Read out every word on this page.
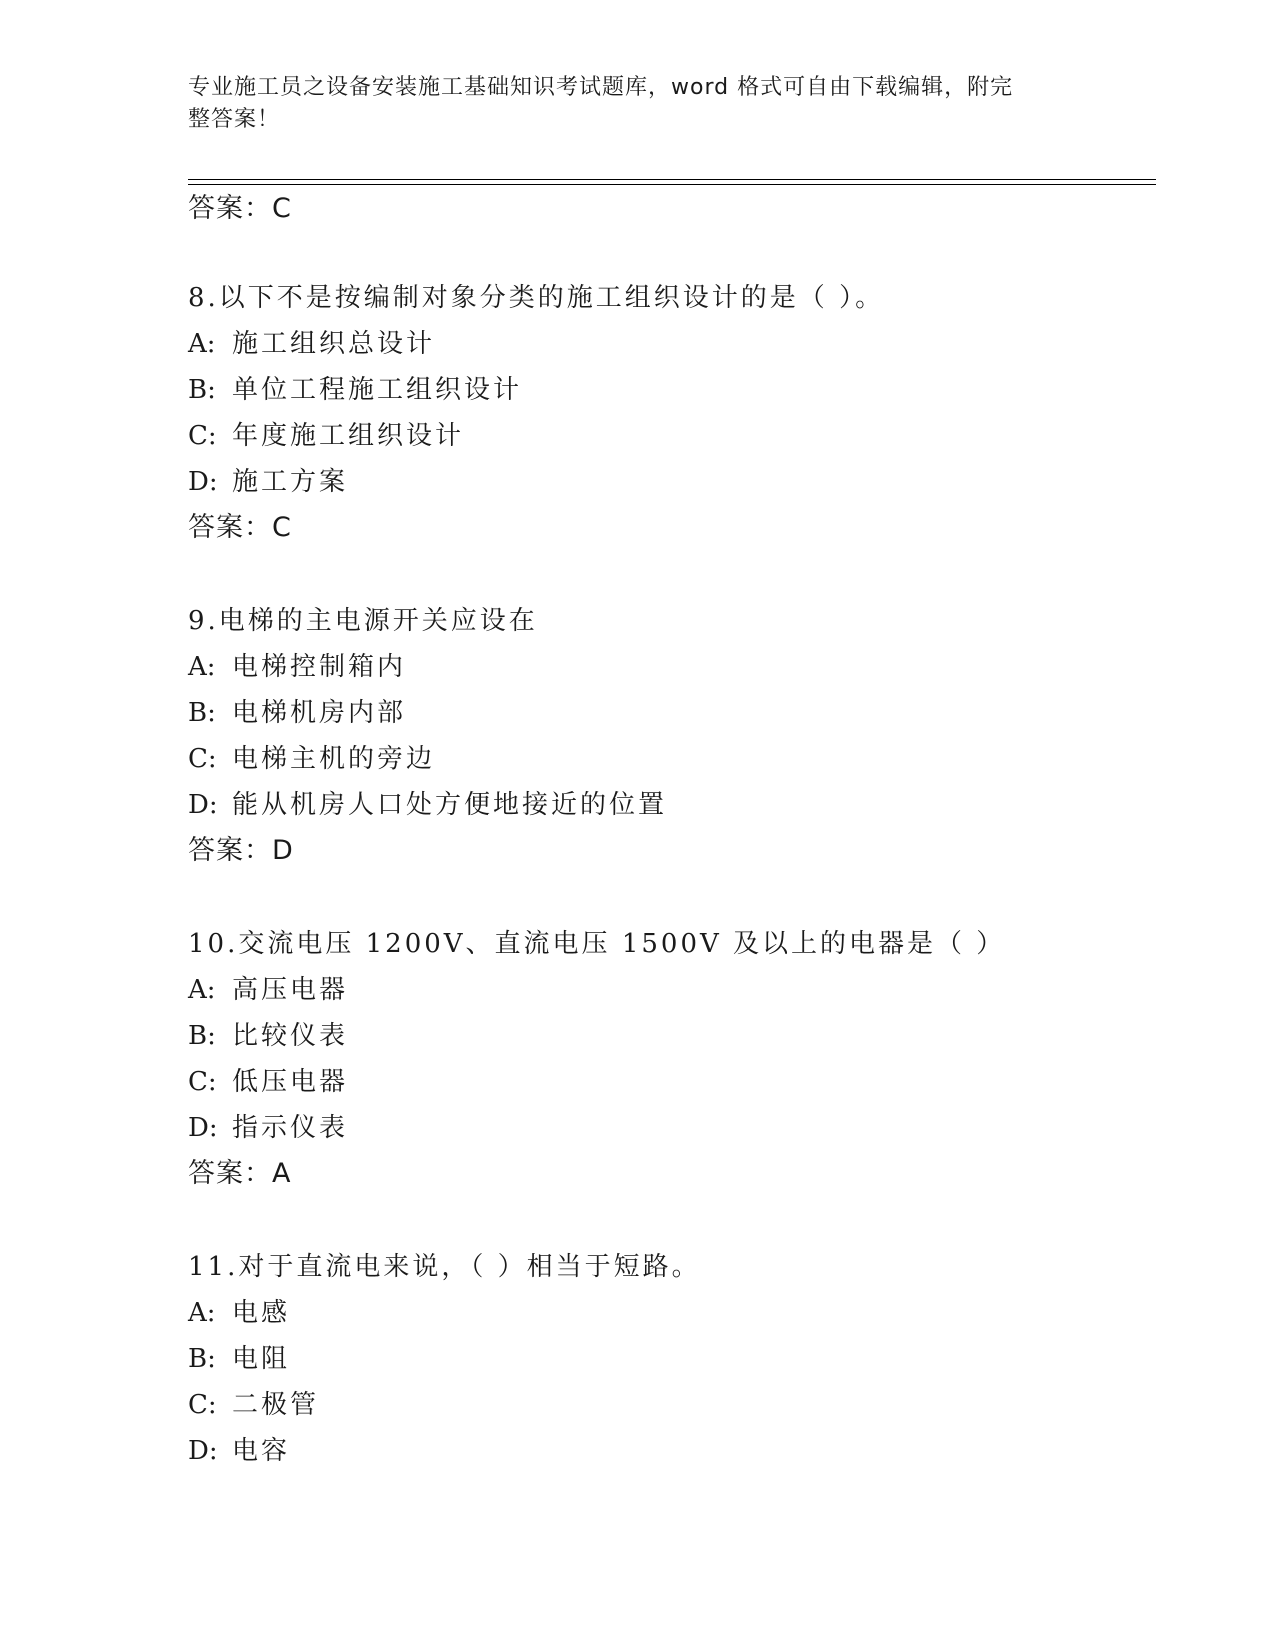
专业施工员之设备安装施工基础知识考试题库，word 格式可自由下载编辑，附完
整答案！
答案：C
8.以下不是按编制对象分类的施工组织设计的是（ ）。
A: 施工组织总设计
B: 单位工程施工组织设计
C: 年度施工组织设计
D: 施工方案
答案：C
9.电梯的主电源开关应设在
A: 电梯控制箱内
B: 电梯机房内部
C: 电梯主机的旁边
D: 能从机房人口处方便地接近的位置
答案：D
10.交流电压 1200V、直流电压 1500V 及以上的电器是（ ）
A: 高压电器
B: 比较仪表
C: 低压电器
D: 指示仪表
答案：A
11.对于直流电来说，（ ）相当于短路。
A: 电感
B: 电阻
C: 二极管
D: 电容
